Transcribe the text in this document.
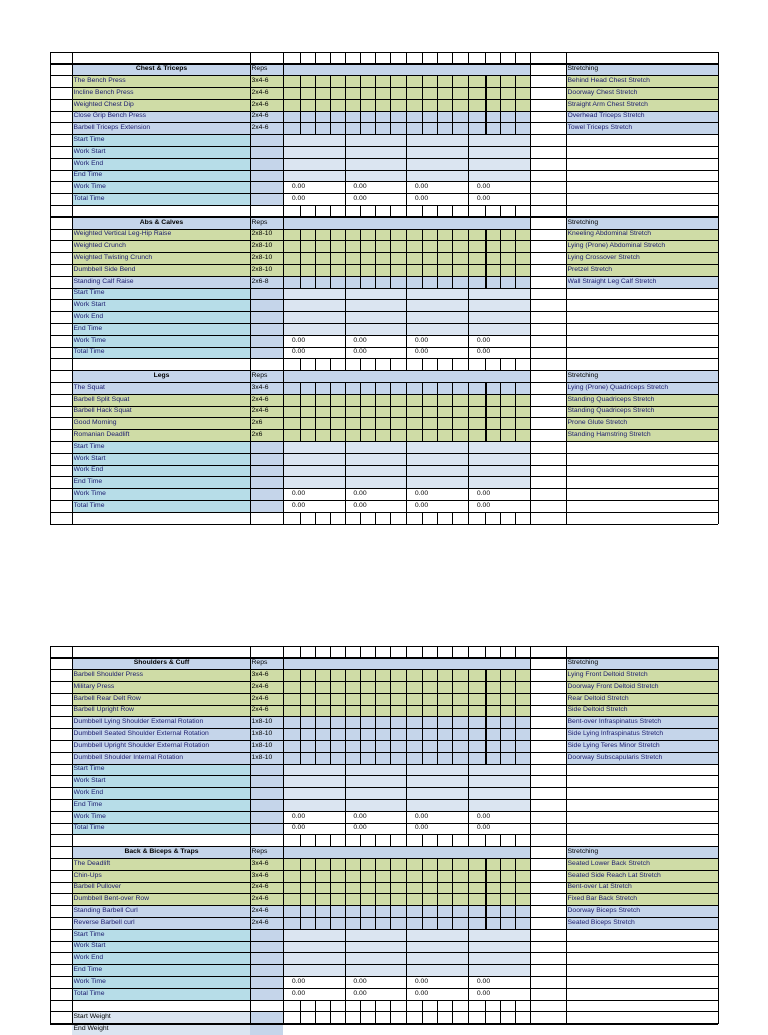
Chest & Triceps	Reps	Stretching
The Bench Press	3x4-6	Behind Head Chest Stretch
Incline Bench Press	2x4-6	Doorway Chest Stretch
Weighted Chest Dip	2x4-6	Straight Arm Chest Stretch
Close Grip Bench Press	2x4-6	Overhead Triceps Stretch
Barbell Triceps Extension	2x4-6	Towel Triceps Stretch
Start Time
Work Start
Work End
End Time
Work Time	0.00	0.00	0.00	0.00
Total Time	0.00	0.00	0.00	0.00
Abs & Calves	Reps	Stretching
Weighted Vertical Leg-Hip Raise	2x8-10	Kneeling Abdominal Stretch
Weighted Crunch	2x8-10	Lying (Prone) Abdominal Stretch
Weighted Twisting Crunch	2x8-10	Lying Crossover Stretch
Dumbbell Side Bend	2x8-10	Pretzel Stretch
Standing Calf Raise	2x6-8	Wall Straight Leg Calf Stretch
Start Time
Work Start
Work End
End Time
Work Time	0.00	0.00	0.00	0.00
Total Time	0.00	0.00	0.00	0.00
Legs	Reps	Stretching
The Squat	3x4-6	Lying (Prone) Quadriceps Stretch
Barbell Split Squat	2x4-6	Standing Quadriceps Stretch
Barbell Hack Squat	2x4-6	Standing Quadriceps Stretch
Good Morning	2x6	Prone Glute Stretch
Romanian Deadlift	2x6	Standing Hamstring Stretch
Start Time
Work Start
Work End
End Time
Work Time	0.00	0.00	0.00	0.00
Total Time	0.00	0.00	0.00	0.00
Shoulders & Cuff	Reps	Stretching
Barbell Shoulder Press	3x4-6	Lying Front Deltoid Stretch
Military Press	2x4-6	Doorway Front Deltoid Stretch
Barbell Rear Delt Row	2x4-6	Rear Deltoid Stretch
Barbell Upright Row	2x4-6	Side Deltoid Stretch
Dumbbell Lying Shoulder External Rotation	1x8-10	Bent-over Infraspinatus Stretch
Dumbbell Seated Shoulder External Rotation	1x8-10	Side Lying Infraspinatus Stretch
Dumbbell Upright Shoulder External Rotation	1x8-10	Side Lying Teres Minor Stretch
Dumbbell Shoulder Internal Rotation	1x8-10	Doorway Subscapularis Stretch
Start Time
Work Start
Work End
End Time
Work Time	0.00	0.00	0.00	0.00
Total Time	0.00	0.00	0.00	0.00
Back & Biceps & Traps	Reps	Stretching
The Deadlift	3x4-6	Seated Lower Back Stretch
Chin-Ups	3x4-6	Seated Side Reach Lat Stretch
Barbell Pullover	2x4-6	Bent-over Lat Stretch
Dumbbell Bent-over Row	2x4-6	Fixed Bar Back Stretch
Standing Barbell Curl	2x4-6	Doorway Biceps Stretch
Reverse Barbell curl	2x4-6	Seated Biceps Stretch
Start Time
Work Start
Work End
End Time
Work Time	0.00	0.00	0.00	0.00
Total Time	0.00	0.00	0.00	0.00
Start Weight
End Weight
